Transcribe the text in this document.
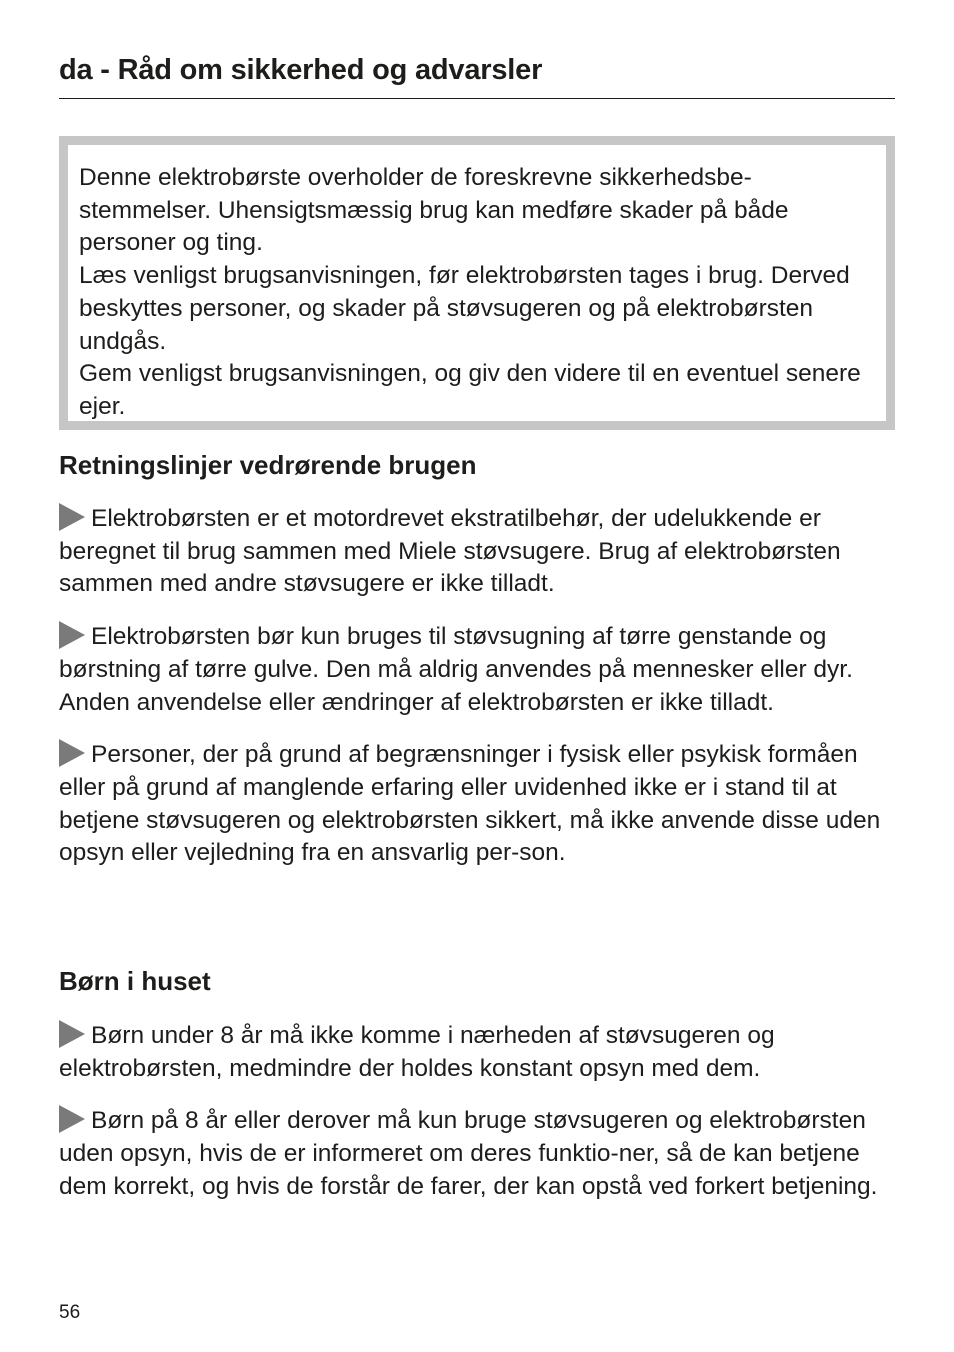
da - Råd om sikkerhed og advarsler

Denne elektrobørste overholder de foreskrevne sikkerhedsbe-stemmelser. Uhensigtsmæssig brug kan medføre skader på både personer og ting.

Læs venligst brugsanvisningen, før elektrobørsten tages i brug. Derved beskyttes personer, og skader på støvsugeren og på elektrobørsten undgås.

Gem venligst brugsanvisningen, og giv den videre til en eventuel senere ejer.

Retningslinjer vedrørende brugen

Elektrobørsten er et motordrevet ekstratilbehør, der udelukkende er beregnet til brug sammen med Miele støvsugere. Brug af elektrobørsten sammen med andre støvsugere er ikke tilladt.

Elektrobørsten bør kun bruges til støvsugning af tørre genstande og børstning af tørre gulve. Den må aldrig anvendes på mennesker eller dyr. Anden anvendelse eller ændringer af elektrobørsten er ikke tilladt.

Personer, der på grund af begrænsninger i fysisk eller psykisk formåen eller på grund af manglende erfaring eller uvidenhed ikke er i stand til at betjene støvsugeren og elektrobørsten sikkert, må ikke anvende disse uden opsyn eller vejledning fra en ansvarlig per-son.

Børn i huset

Børn under 8 år må ikke komme i nærheden af støvsugeren og elektrobørsten, medmindre der holdes konstant opsyn med dem.

Børn på 8 år eller derover må kun bruge støvsugeren og elektrobørsten uden opsyn, hvis de er informeret om deres funktio-ner, så de kan betjene dem korrekt, og hvis de forstår de farer, der kan opstå ved forkert betjening.

56
